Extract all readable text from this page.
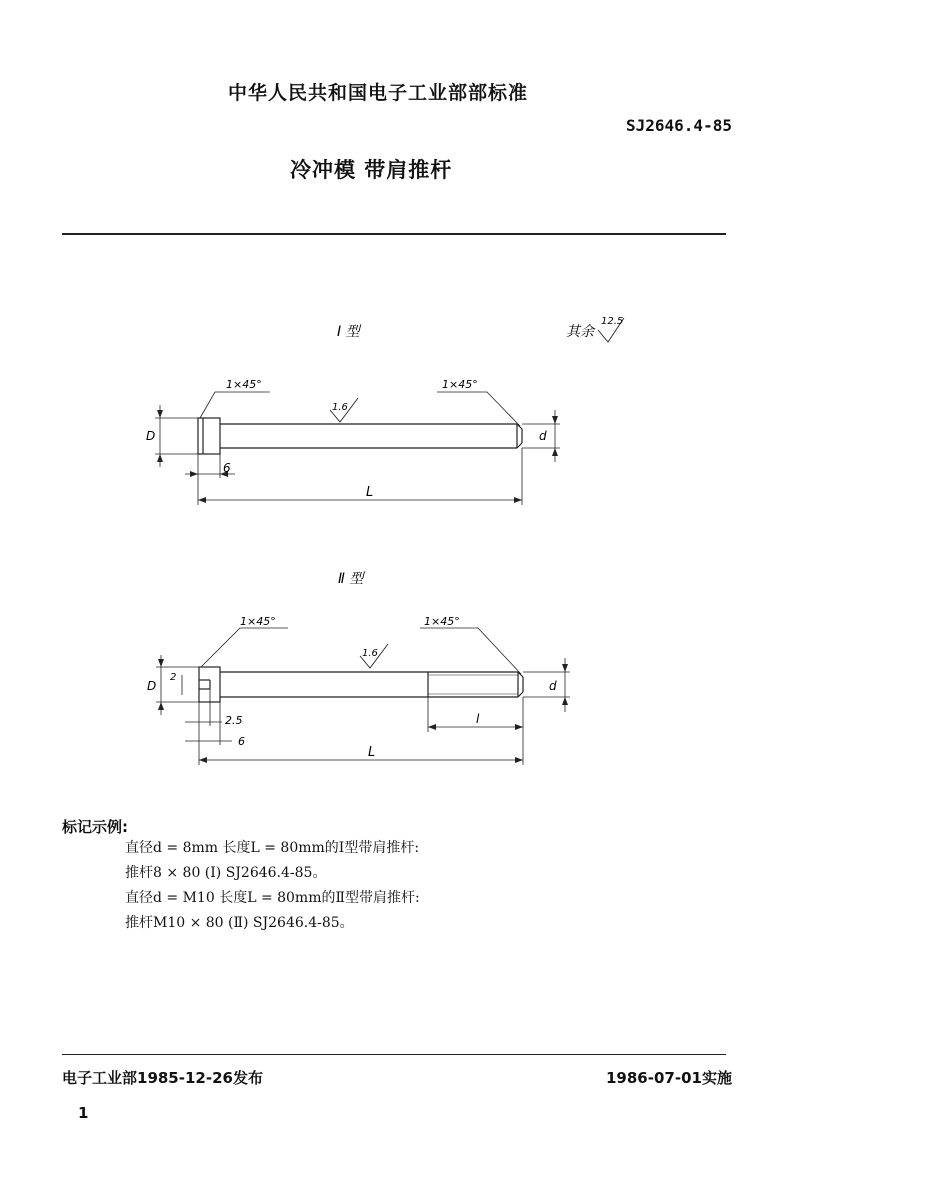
中华人民共和国电子工业部部标准
SJ2646.4-85
冷冲模 带肩推杆
Ⅰ 型	其余
12.5
1×45°	1×45°
1.6
D	d
6
L
Ⅱ 型
1×45°	1×45°
1.6
D
2
d
2.5
6
l
L
标记示例:
直径d = 8mm 长度L = 80mm的Ⅰ型带肩推杆:
推杆8 × 80 (Ⅰ) SJ2646.4-85。
直径d = M10 长度L = 80mm的Ⅱ型带肩推杆:
推杆M10 × 80 (Ⅱ) SJ2646.4-85。
电子工业部1985-12-26发布	1986-07-01实施
1
